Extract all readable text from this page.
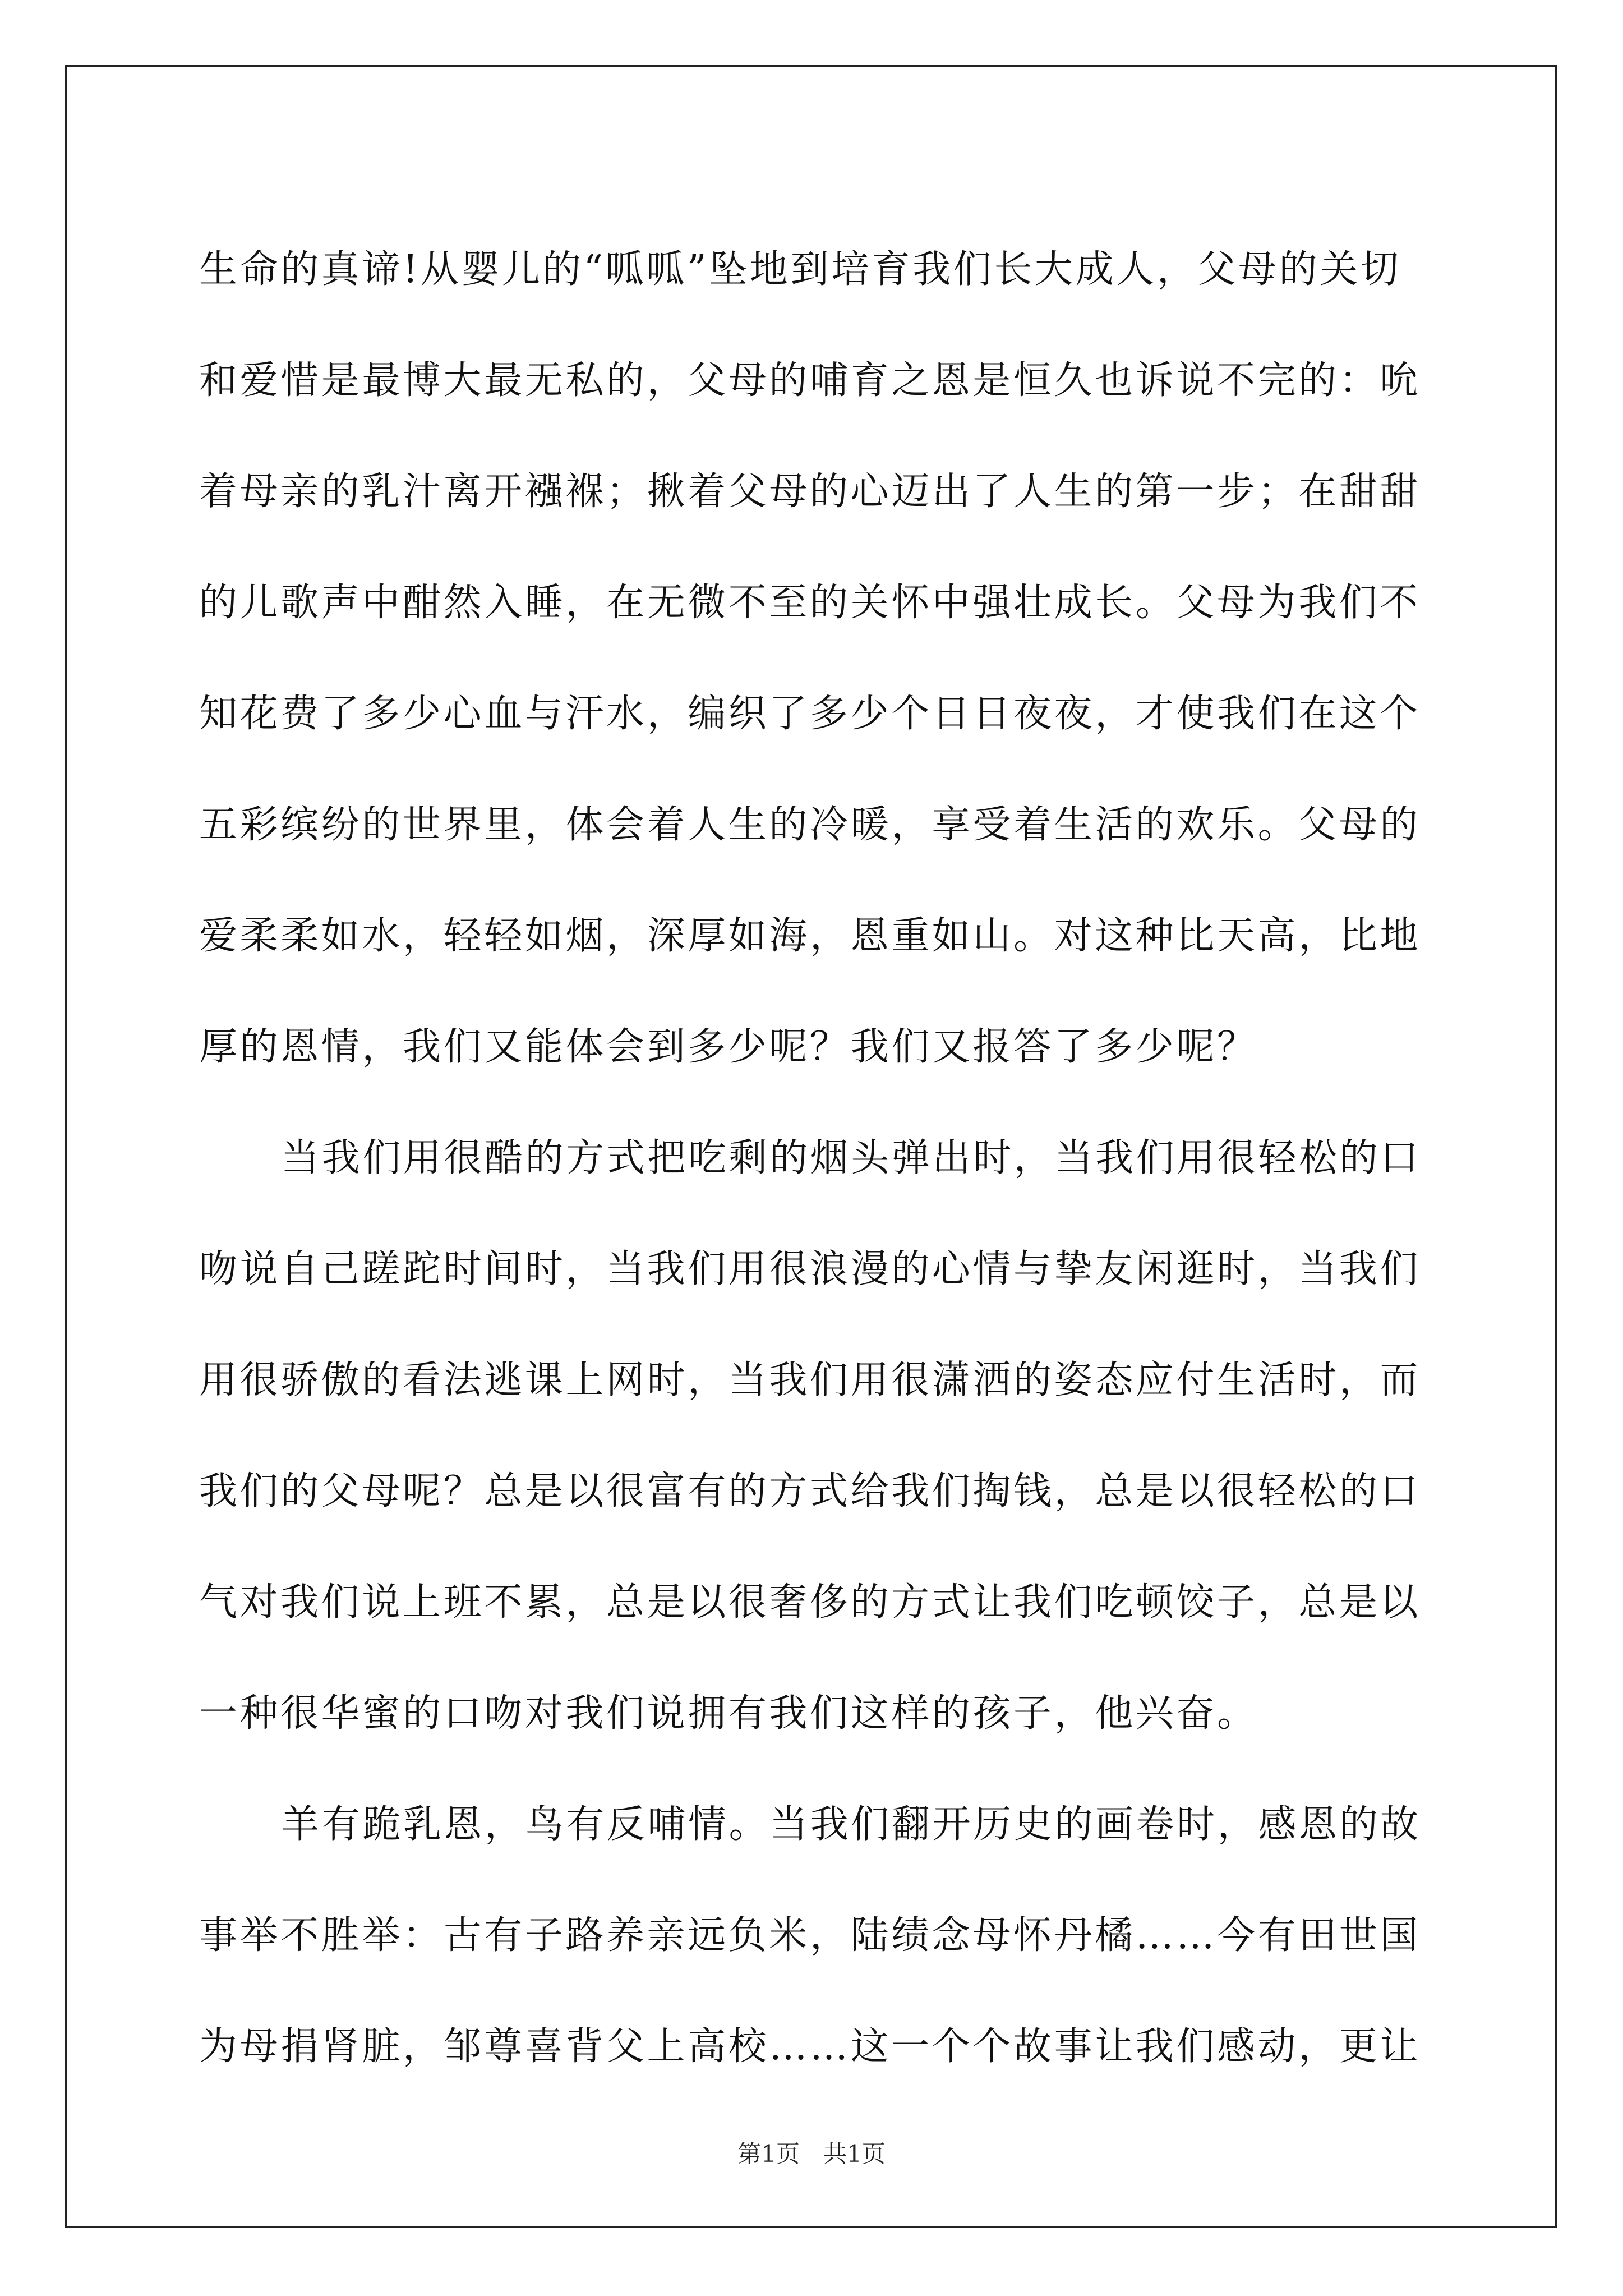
生命的真谛!从婴儿的“呱呱”坠地到培育我们长大成人，父母的关切
和爱惜是最博大最无私的，父母的哺育之恩是恒久也诉说不完的：吮
着母亲的乳汁离开襁褓；揪着父母的心迈出了人生的第一步；在甜甜
的儿歌声中酣然入睡，在无微不至的关怀中强壮成长。父母为我们不
知花费了多少心血与汗水，编织了多少个日日夜夜，才使我们在这个
五彩缤纷的世界里，体会着人生的冷暖，享受着生活的欢乐。父母的
爱柔柔如水，轻轻如烟，深厚如海，恩重如山。对这种比天高，比地
厚的恩情，我们又能体会到多少呢？我们又报答了多少呢？
当我们用很酷的方式把吃剩的烟头弹出时，当我们用很轻松的口
吻说自己蹉跎时间时，当我们用很浪漫的心情与挚友闲逛时，当我们
用很骄傲的看法逃课上网时，当我们用很潇洒的姿态应付生活时，而
我们的父母呢？总是以很富有的方式给我们掏钱，总是以很轻松的口
气对我们说上班不累，总是以很奢侈的方式让我们吃顿饺子，总是以
一种很华蜜的口吻对我们说拥有我们这样的孩子，他兴奋。
羊有跪乳恩，鸟有反哺情。当我们翻开历史的画卷时，感恩的故
事举不胜举：古有子路养亲远负米，陆绩念母怀丹橘……今有田世国
为母捐肾脏，邹尊喜背父上高校……这一个个故事让我们感动，更让
第1页　共1页
